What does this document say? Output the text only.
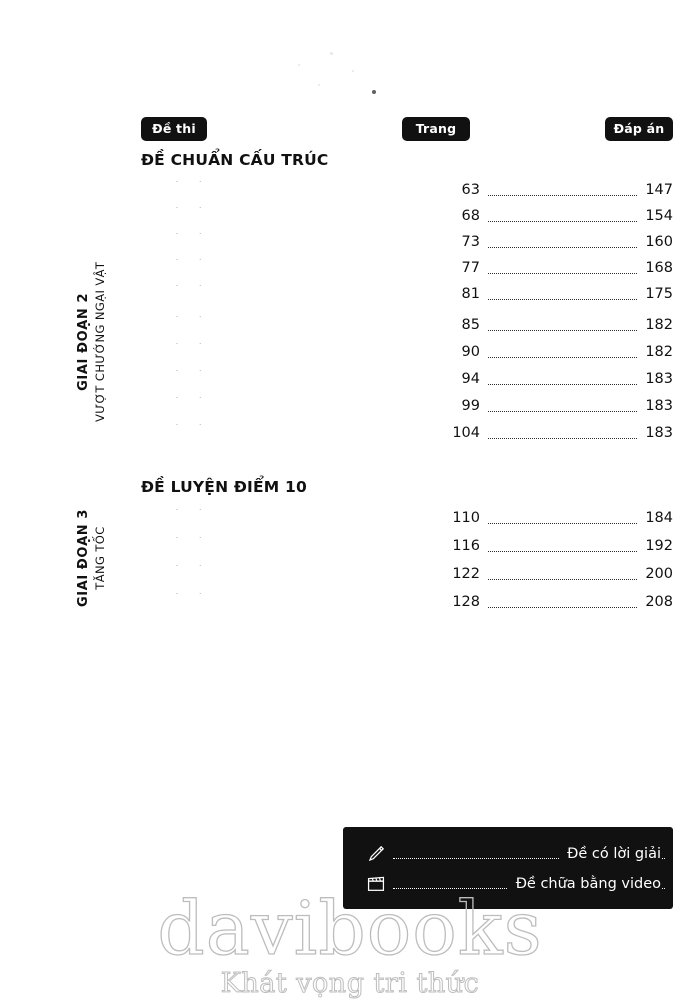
Đề thi	Trang	Đáp án
GIAI ĐOẠN 2 VƯỢT CHƯỚNG NGẠI VẬT
GIAI ĐOẠN 3 TĂNG TỐC
ĐỀ CHUẨN CẤU TRÚC
63	147
68	154
73	160
77	168
81	175
85	182
90	182
94	183
99	183
104	183
ĐỀ LUYỆN ĐIỂM 10
110	184
116	192
122	200
128	208
Đề có lời giải
Đề chữa bằng video
davibooks
Khát vọng tri thức
